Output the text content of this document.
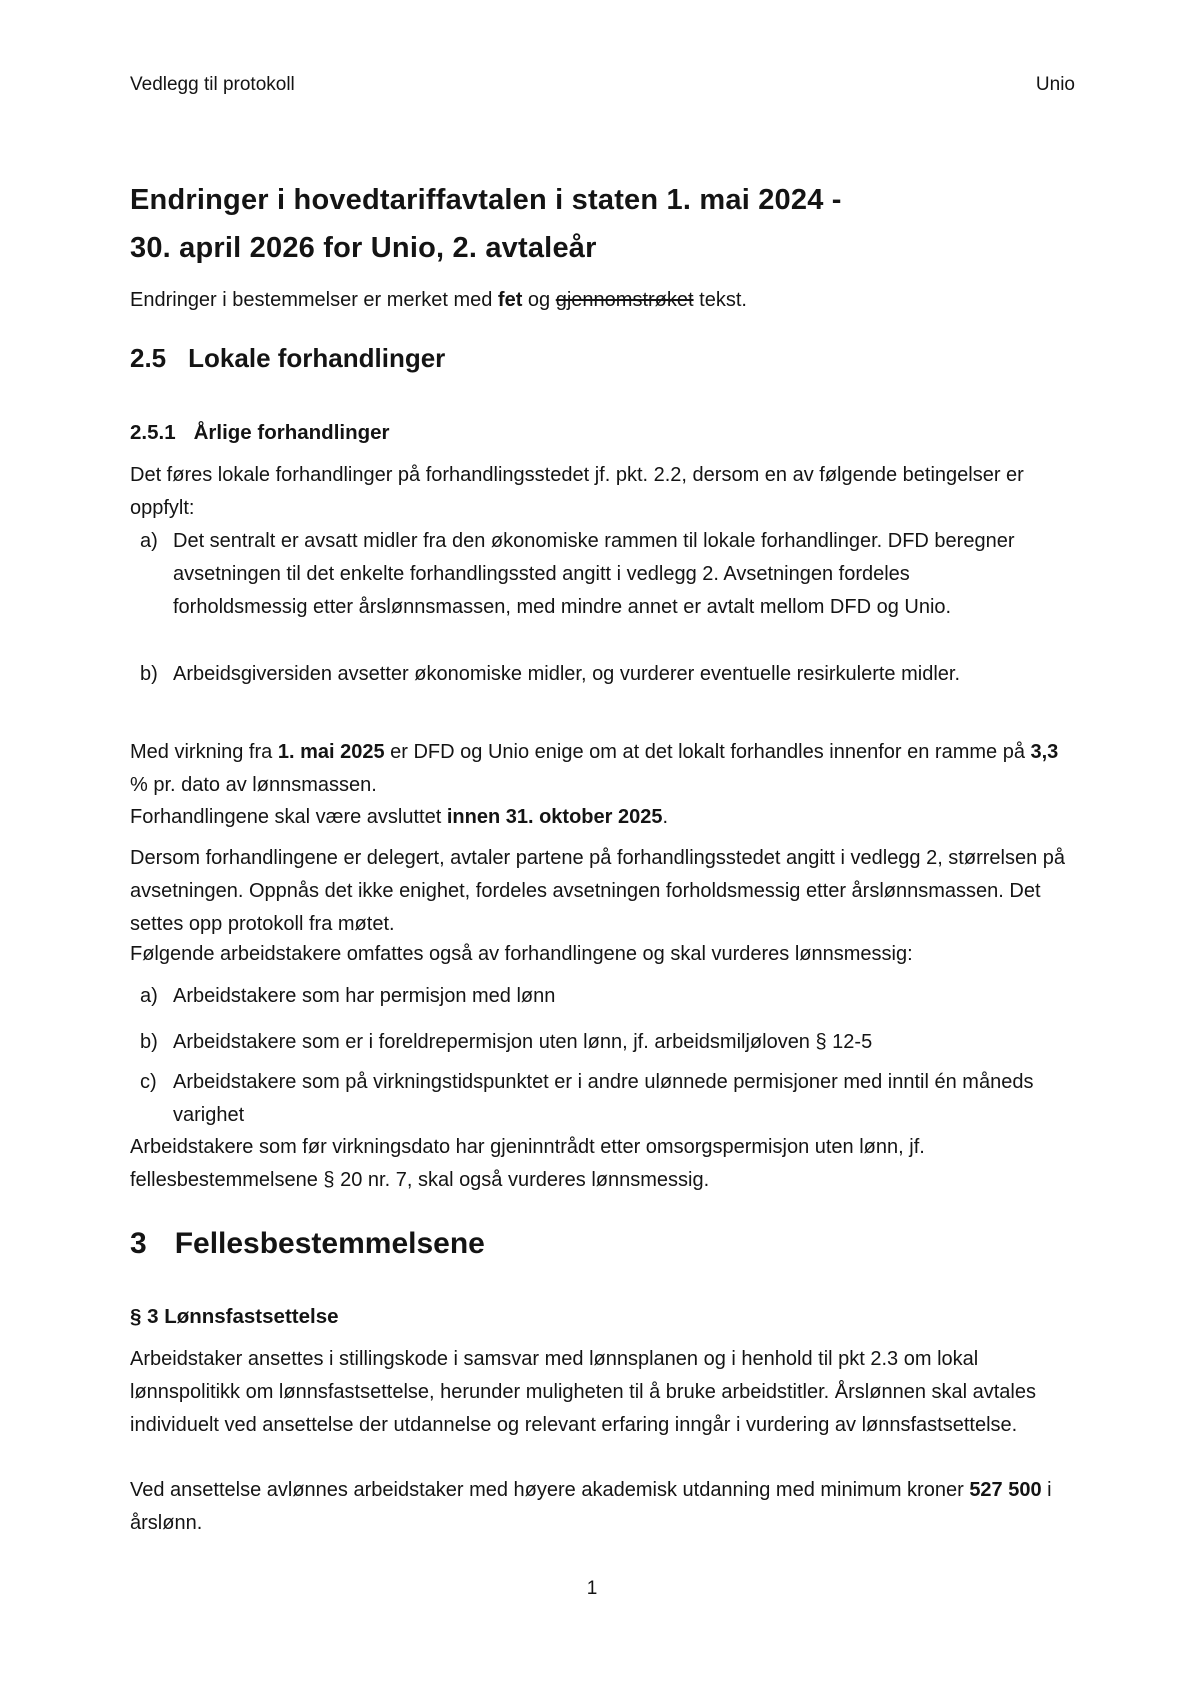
Vedlegg til protokoll	Unio
Endringer i hovedtariffavtalen i staten 1. mai 2024 -
30. april 2026 for Unio, 2. avtaleår

Endringer i bestemmelser er merket med fet og gjennomstrøket tekst.

2.5 Lokale forhandlinger
2.5.1 Årlige forhandlinger

Det føres lokale forhandlinger på forhandlingsstedet jf. pkt. 2.2, dersom en av følgende betingelser er oppfylt:

a) Det sentralt er avsatt midler fra den økonomiske rammen til lokale forhandlinger. DFD beregner avsetningen til det enkelte forhandlingssted angitt i vedlegg 2. Avsetningen fordeles forholdsmessig etter årslønnsmassen, med mindre annet er avtalt mellom DFD og Unio.
b) Arbeidsgiversiden avsetter økonomiske midler, og vurderer eventuelle resirkulerte midler.

Med virkning fra 1. mai 2025 er DFD og Unio enige om at det lokalt forhandles innenfor en ramme på 3,3 % pr. dato av lønnsmassen.

Forhandlingene skal være avsluttet innen 31. oktober 2025.

Dersom forhandlingene er delegert, avtaler partene på forhandlingsstedet angitt i vedlegg 2, størrelsen på avsetningen. Oppnås det ikke enighet, fordeles avsetningen forholdsmessig etter årslønnsmassen. Det settes opp protokoll fra møtet.

Følgende arbeidstakere omfattes også av forhandlingene og skal vurderes lønnsmessig:

a) Arbeidstakere som har permisjon med lønn
b) Arbeidstakere som er i foreldrepermisjon uten lønn, jf. arbeidsmiljøloven § 12-5
c) Arbeidstakere som på virkningstidspunktet er i andre ulønnede permisjoner med inntil én måneds varighet

Arbeidstakere som før virkningsdato har gjeninntrådt etter omsorgspermisjon uten lønn, jf. fellesbestemmelsene § 20 nr. 7, skal også vurderes lønnsmessig.

3 Fellesbestemmelsene
§ 3 Lønnsfastsettelse

Arbeidstaker ansettes i stillingskode i samsvar med lønnsplanen og i henhold til pkt 2.3 om lokal lønnspolitikk om lønnsfastsettelse, herunder muligheten til å bruke arbeidstitler. Årslønnen skal avtales individuelt ved ansettelse der utdannelse og relevant erfaring inngår i vurdering av lønnsfastsettelse.

Ved ansettelse avlønnes arbeidstaker med høyere akademisk utdanning med minimum kroner 527 500 i årslønn.

1
